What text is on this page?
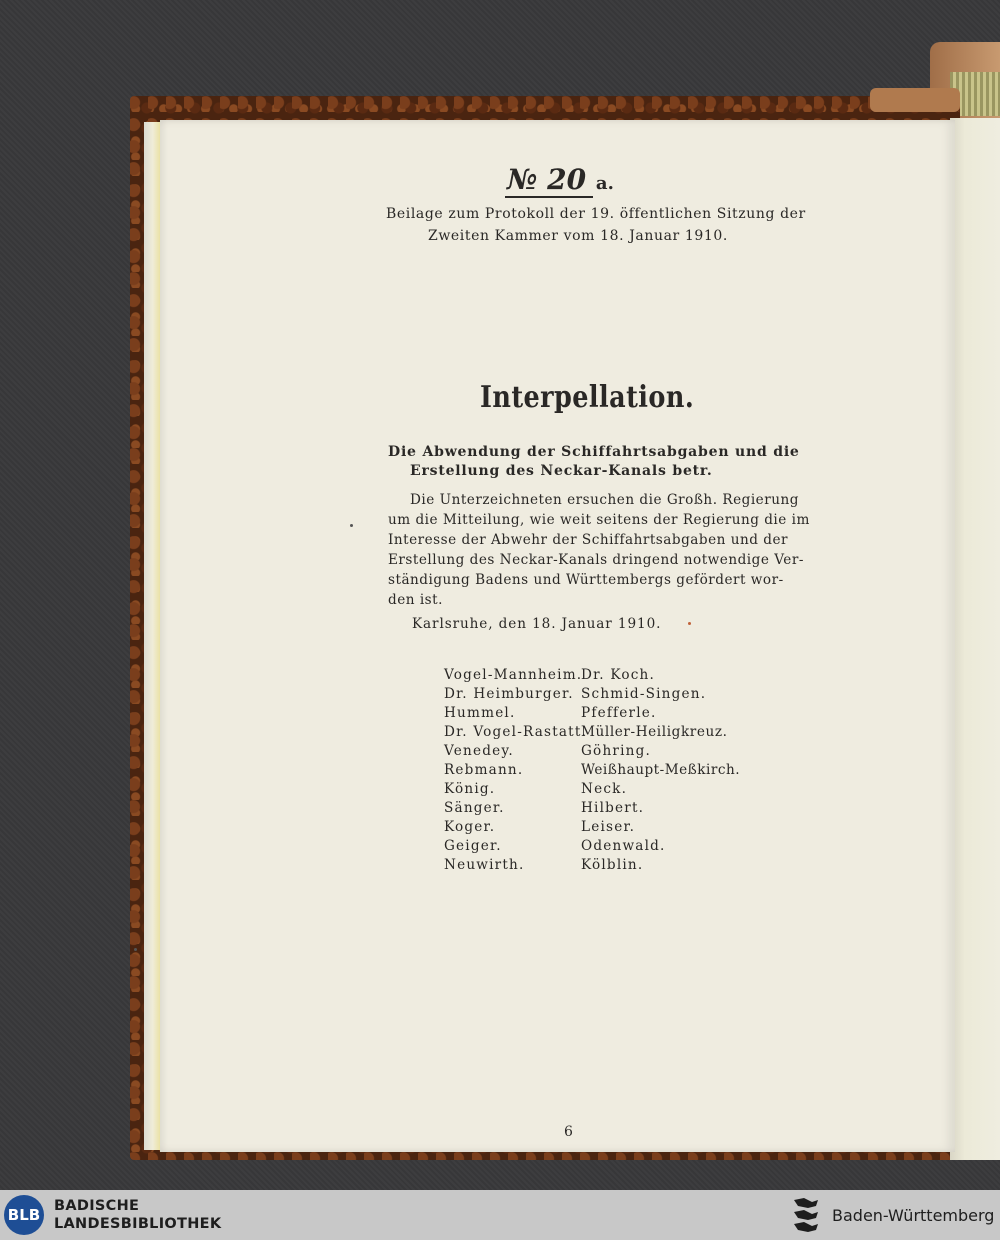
№ 20 a.
Beilage zum Protokoll der 19. öffentlichen Sitzung der
Zweiten Kammer vom 18. Januar 1910.
Interpellation.
Die Abwendung der Schiffahrtsabgaben und die
Erstellung des Neckar-Kanals betr.
Die Unterzeichneten ersuchen die Großh. Regierung
um die Mitteilung, wie weit seitens der Regierung die im
Interesse der Abwehr der Schiffahrtsabgaben und der
Erstellung des Neckar-Kanals dringend notwendige Ver-
ständigung Badens und Württembergs gefördert wor-
den ist.
Karlsruhe, den 18. Januar 1910.
Vogel-Mannheim.
Dr. Heimburger.
Hummel.
Dr. Vogel-Rastatt.
Venedey.
Rebmann.
König.
Sänger.
Koger.
Geiger.
Neuwirth.
Dr. Koch.
Schmid-Singen.
Pfefferle.
Müller-Heiligkreuz.
Göhring.
Weißhaupt-Meßkirch.
Neck.
Hilbert.
Leiser.
Odenwald.
Kölblin.
6
BLB BADISCHE
LANDESBIBLIOTHEK	Baden-Württemberg
